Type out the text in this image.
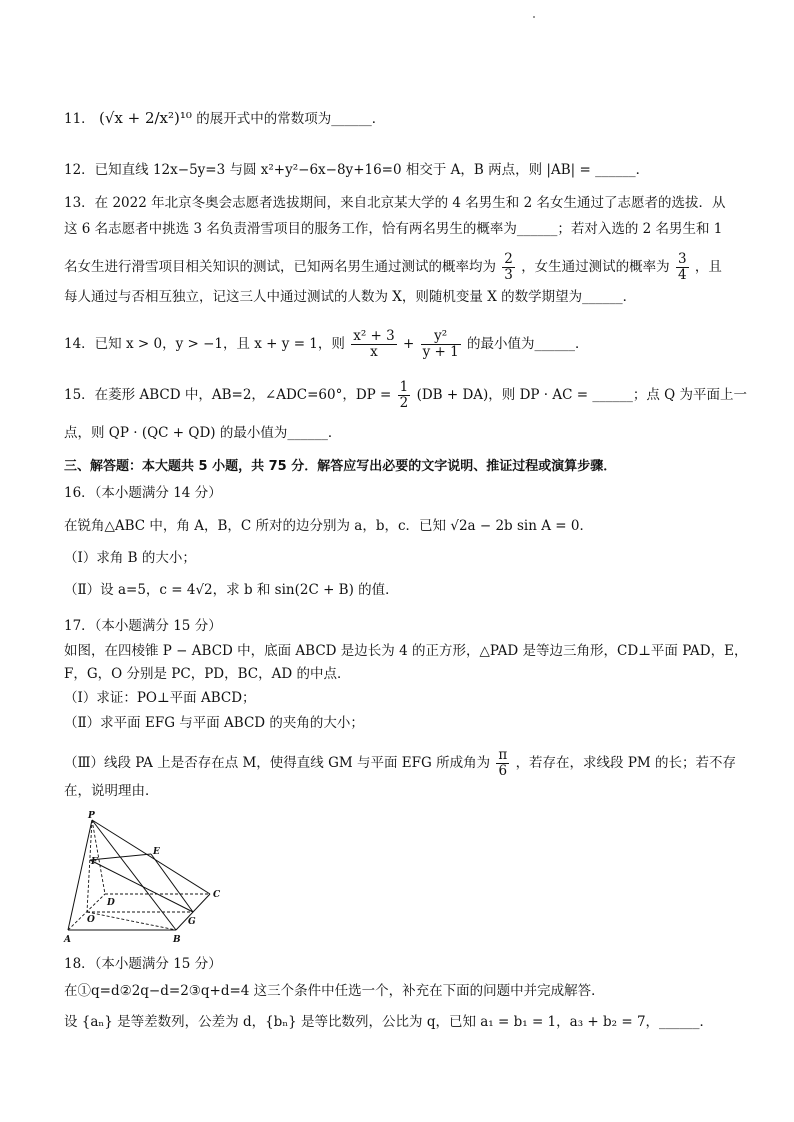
11． (√x + 2/x²)¹⁰ 的展开式中的常数项为______．
12．已知直线 12x−5y=3 与圆 x²+y²−6x−8y+16=0 相交于 A，B 两点，则 |AB| = ______．
13．在 2022 年北京冬奥会志愿者选拔期间，来自北京某大学的 4 名男生和 2 名女生通过了志愿者的选拔．从
这 6 名志愿者中挑选 3 名负责滑雪项目的服务工作，恰有两名男生的概率为______；若对入选的 2 名男生和 1
名女生进行滑雪项目相关知识的测试，已知两名男生通过测试的概率均为 $\frac{2}{3}$ ，女生通过测试的概率为 $\frac{3}{4}$ ，且
每人通过与否相互独立，记这三人中通过测试的人数为 X，则随机变量 X 的数学期望为______．
14．已知 x > 0，y > −1，且 x + y = 1，则 $\frac{\text{x² + 3}}{x} + \frac{\text{y²}}{y + 1}$ 的最小值为______．
15．在菱形 ABCD 中，AB=2，∠ADC=60°，DP = $\frac{1}{2} (DB + DA)$，则 DP · AC = ______；点 Q 为平面上一
点，则 QP · (QC + QD) 的最小值为______．
三、解答题：本大题共 5 小题，共 75 分．解答应写出必要的文字说明、推证过程或演算步骤．
16．（本小题满分 14 分）
在锐角△ABC 中，角 A，B，C 所对的边分别为 a，b，c．已知 √2a − 2b sin A = 0．
（Ⅰ）求角 B 的大小；
（Ⅱ）设 a=5，c = 4√2，求 b 和 sin(2C + B) 的值．
17．（本小题满分 15 分）
如图，在四棱锥 P − ABCD 中，底面 ABCD 是边长为 4 的正方形，△PAD 是等边三角形，CD⊥平面 PAD，E，
F，G，O 分别是 PC，PD，BC，AD 的中点．
（Ⅰ）求证：PO⊥平面 ABCD；
（Ⅱ）求平面 EFG 与平面 ABCD 的夹角的大小；
（Ⅲ）线段 PA 上是否存在点 M，使得直线 GM 与平面 EFG 所成角为 $\frac{\pi}{6}$ ，若存在，求线段 PM 的长；若不存
在，说明理由．
P
E
F
D
C
O	G
A	B
18．（本小题满分 15 分）
在①q=d②2q−d=2③q+d=4 这三个条件中任选一个，补充在下面的问题中并完成解答．
设 {aₙ} 是等差数列，公差为 d，{bₙ} 是等比数列，公比为 q，已知 a₁ = b₁ = 1，a₃ + b₂ = 7，______．
